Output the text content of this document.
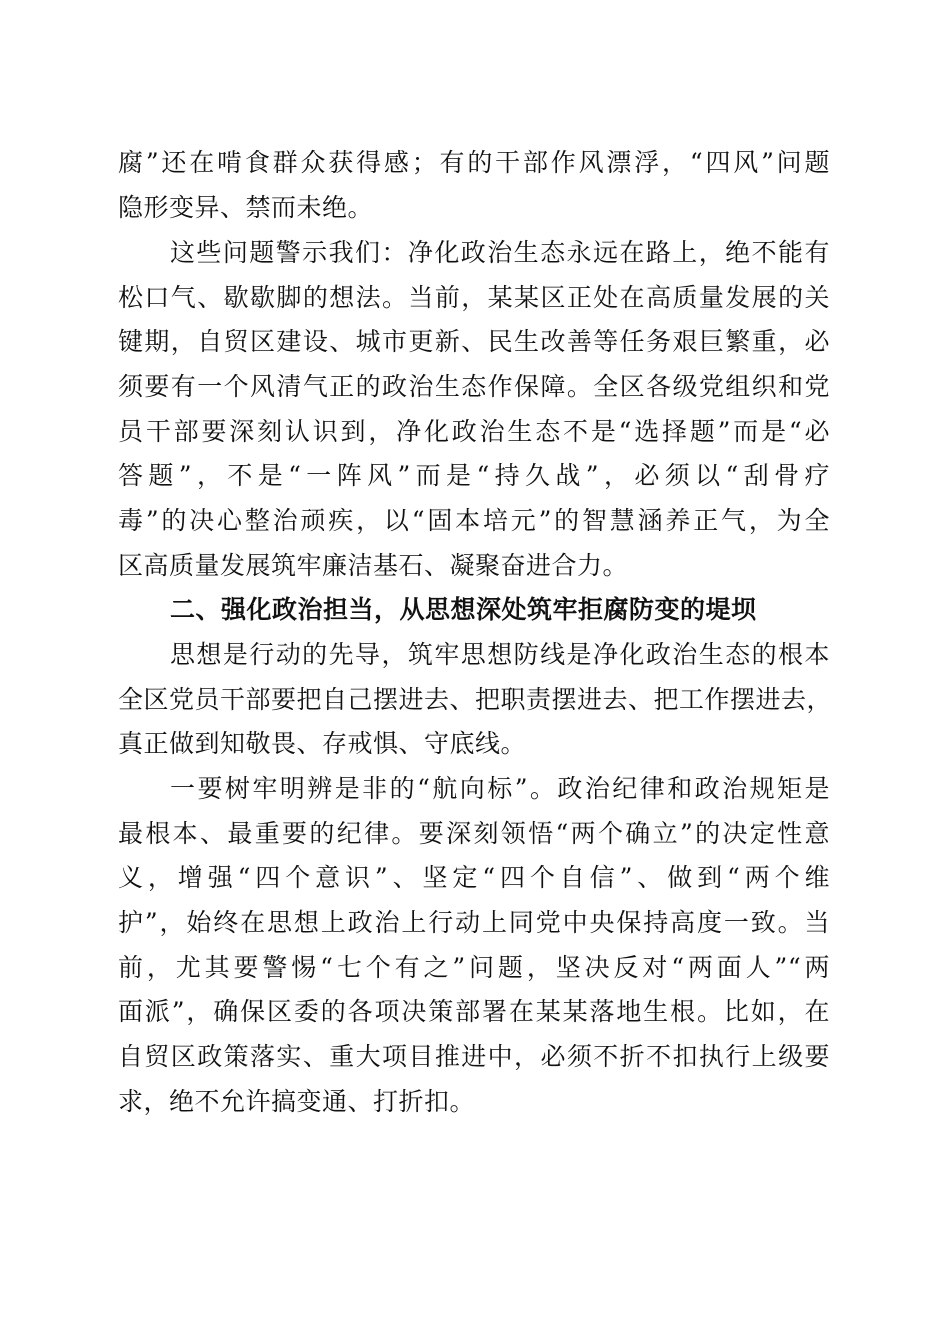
腐”还在啃食群众获得感；有的干部作风漂浮，“四风”问题
隐形变异、禁而未绝。
这些问题警示我们：净化政治生态永远在路上，绝不能有
松口气、歇歇脚的想法。当前，某某区正处在高质量发展的关
键期，自贸区建设、城市更新、民生改善等任务艰巨繁重，必
须要有一个风清气正的政治生态作保障。全区各级党组织和党
员干部要深刻认识到，净化政治生态不是“选择题”而是“必
答题”，不是“一阵风”而是“持久战”，必须以“刮骨疗
毒”的决心整治顽疾，以“固本培元”的智慧涵养正气，为全
区高质量发展筑牢廉洁基石、凝聚奋进合力。
二、强化政治担当，从思想深处筑牢拒腐防变的堤坝
思想是行动的先导，筑牢思想防线是净化政治生态的根本
全区党员干部要把自己摆进去、把职责摆进去、把工作摆进去，
真正做到知敬畏、存戒惧、守底线。
一要树牢明辨是非的“航向标”。政治纪律和政治规矩是
最根本、最重要的纪律。要深刻领悟“两个确立”的决定性意
义，增强“四个意识”、坚定“四个自信”、做到“两个维
护”，始终在思想上政治上行动上同党中央保持高度一致。当
前，尤其要警惕“七个有之”问题，坚决反对“两面人”“两
面派”，确保区委的各项决策部署在某某落地生根。比如，在
自贸区政策落实、重大项目推进中，必须不折不扣执行上级要
求，绝不允许搞变通、打折扣。
